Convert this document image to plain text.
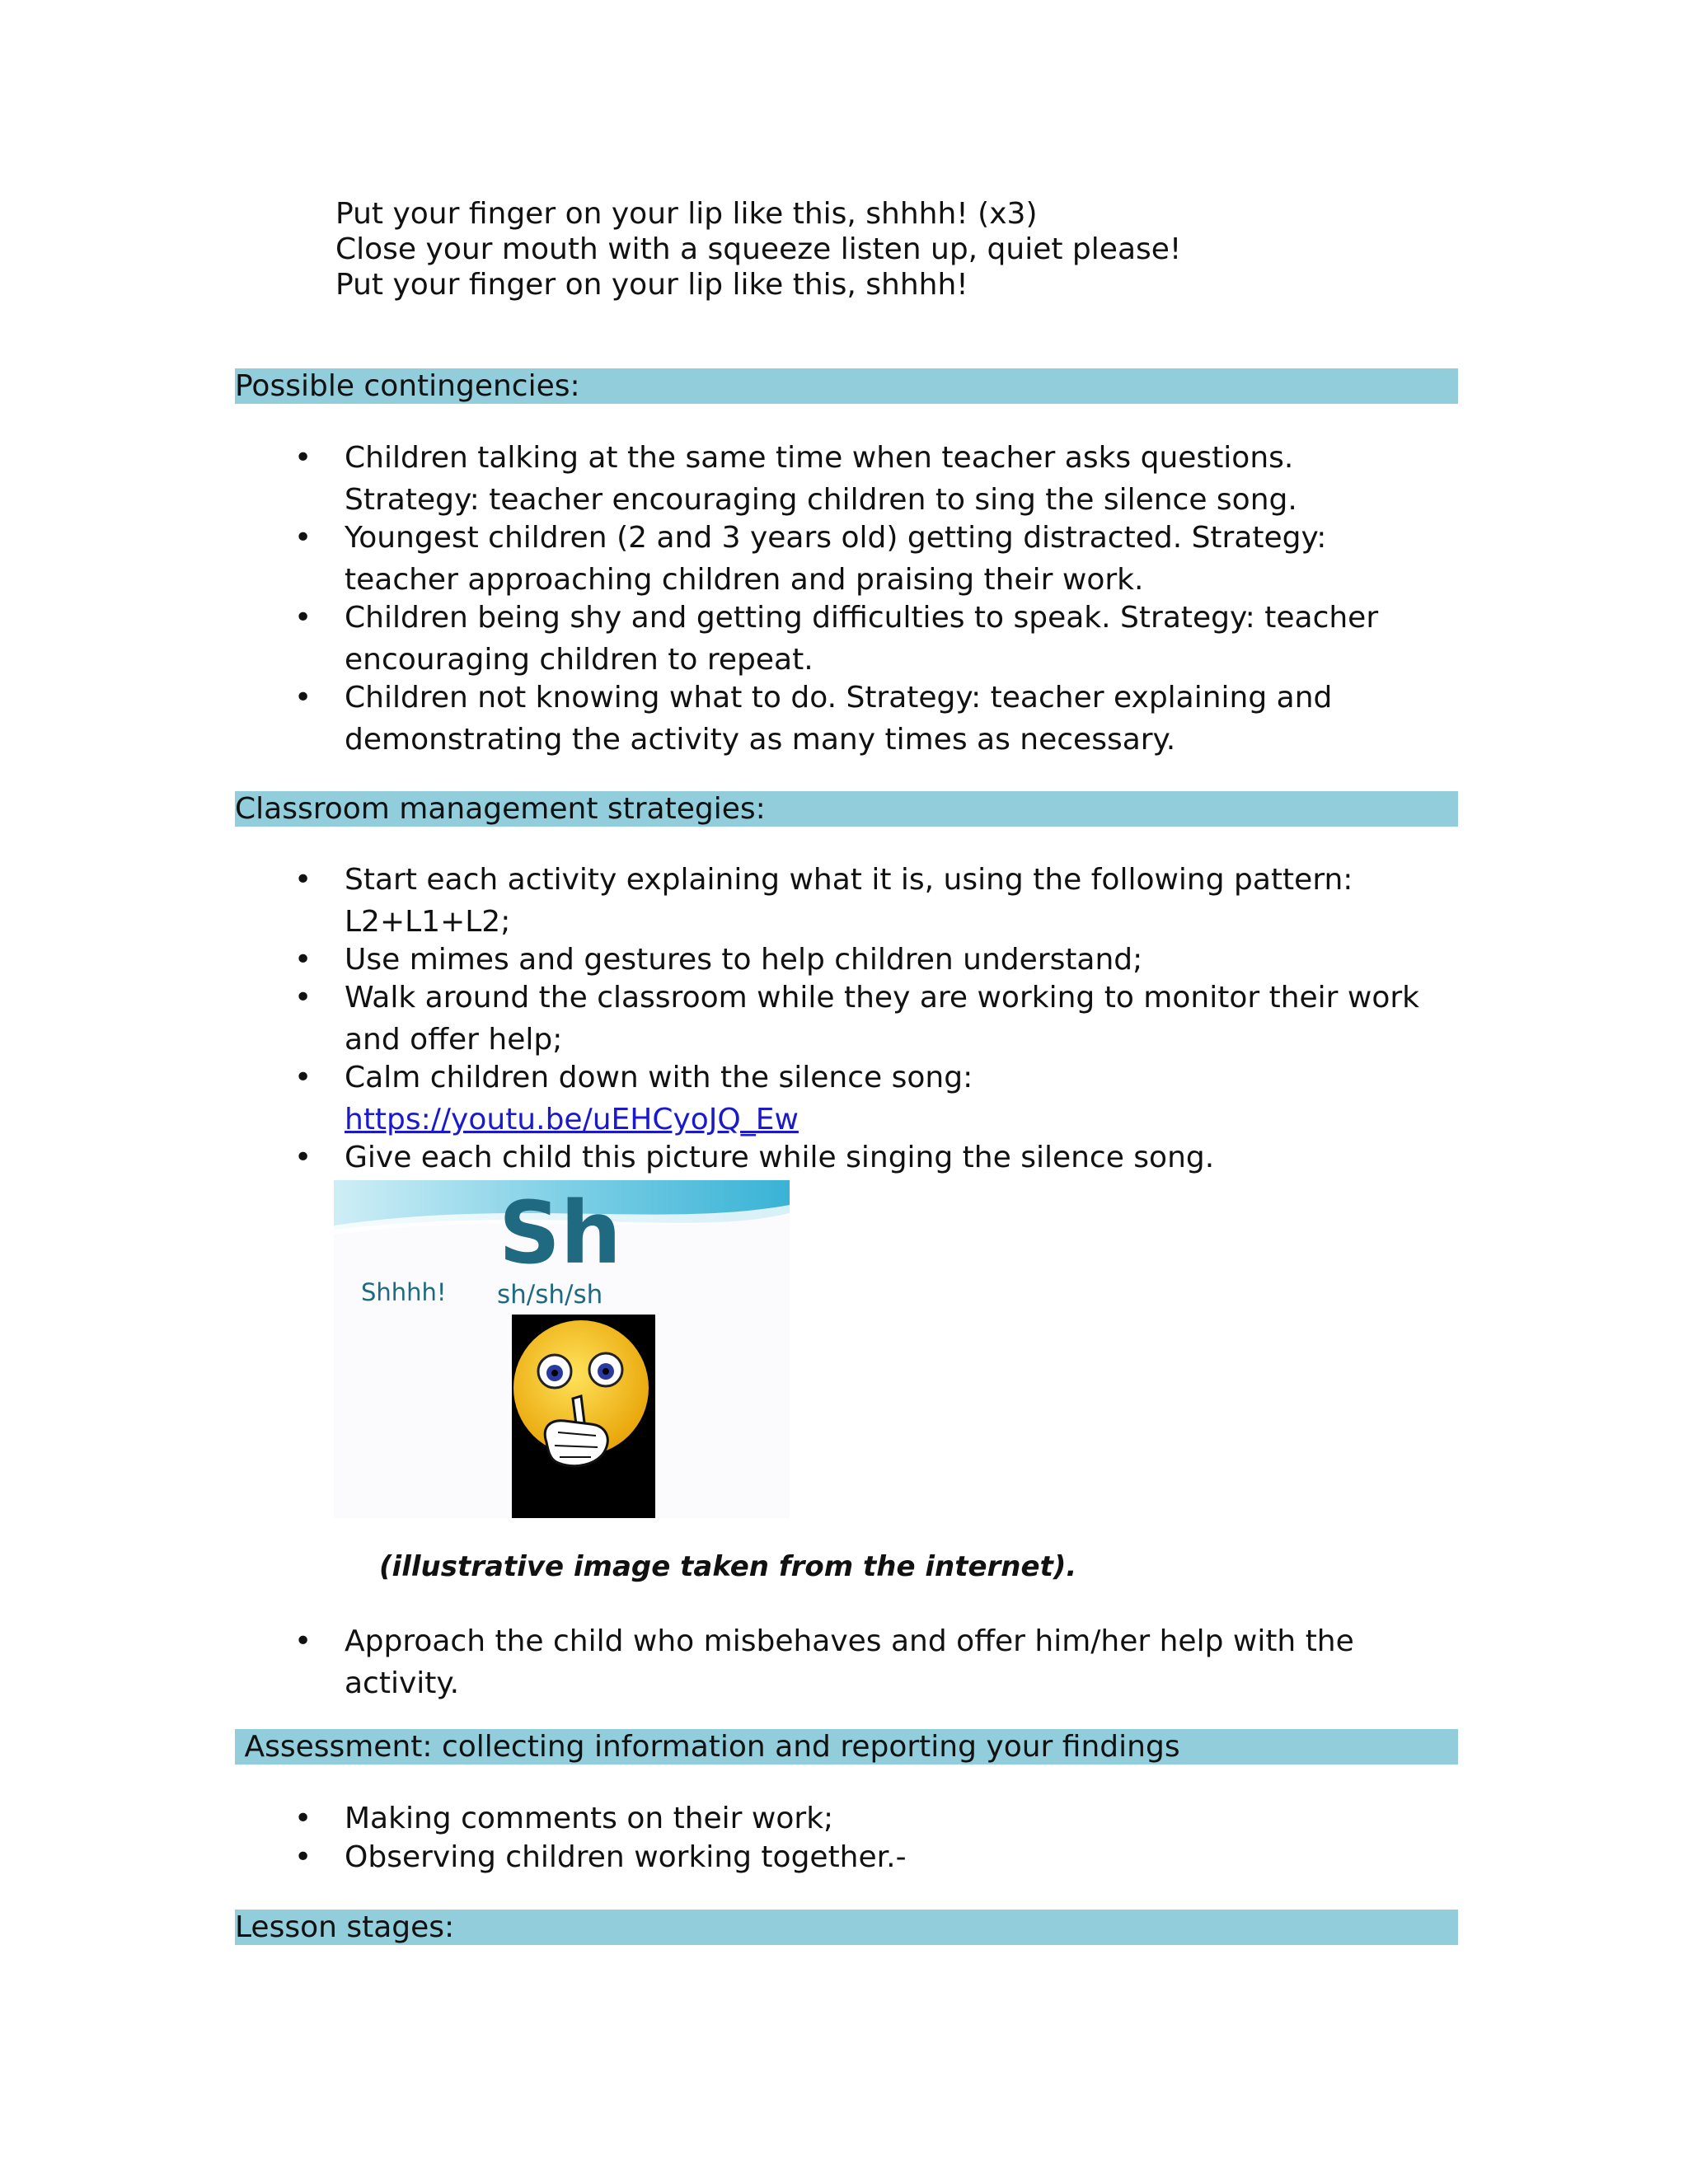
Put your finger on your lip like this, shhhh! (x3)
Close your mouth with a squeeze listen up, quiet please!
Put your finger on your lip like this, shhhh!
Possible contingencies:
• Children talking at the same time when teacher asks questions.
Strategy: teacher encouraging children to sing the silence song.
• Youngest children (2 and 3 years old) getting distracted. Strategy:
teacher approaching children and praising their work.
• Children being shy and getting difficulties to speak. Strategy: teacher
encouraging children to repeat.
• Children not knowing what to do. Strategy: teacher explaining and
demonstrating the activity as many times as necessary.
Classroom management strategies:
• Start each activity explaining what it is, using the following pattern:
L2+L1+L2;
• Use mimes and gestures to help children understand;
• Walk around the classroom while they are working to monitor their work
and offer help;
• Calm children down with the silence song:
https://youtu.be/uEHCyoJQ_Ew
• Give each child this picture while singing the silence song.
Sh
Shhhh! sh/sh/sh
(illustrative image taken from the internet).
• Approach the child who misbehaves and offer him/her help with the
activity.
Assessment: collecting information and reporting your findings
• Making comments on their work;
• Observing children working together.-
Lesson stages:
